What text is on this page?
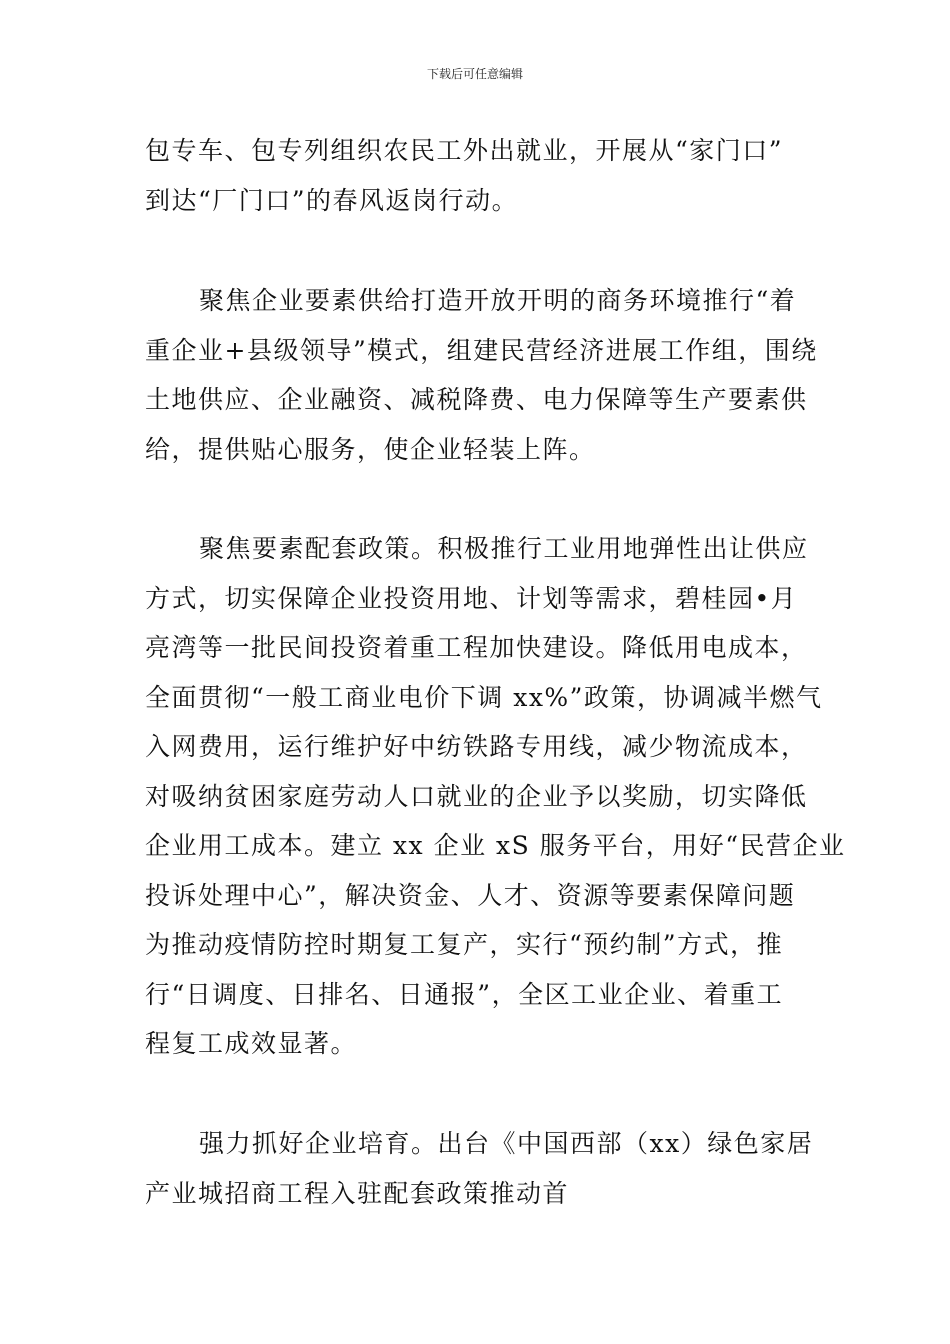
下载后可任意编辑
包专车、包专列组织农民工外出就业，开展从“家门口”
到达“厂门口”的春风返岗行动。
聚焦企业要素供给打造开放开明的商务环境推行“着
重企业+县级领导”模式，组建民营经济进展工作组，围绕
土地供应、企业融资、减税降费、电力保障等生产要素供
给，提供贴心服务，使企业轻装上阵。
聚焦要素配套政策。积极推行工业用地弹性出让供应
方式，切实保障企业投资用地、计划等需求，碧桂园•月
亮湾等一批民间投资着重工程加快建设。降低用电成本，
全面贯彻“一般工商业电价下调 xx%”政策，协调减半燃气
入网费用，运行维护好中纺铁路专用线，减少物流成本，
对吸纳贫困家庭劳动人口就业的企业予以奖励，切实降低
企业用工成本。建立 xx 企业 xS 服务平台，用好“民营企业
投诉处理中心”，解决资金、人才、资源等要素保障问题
为推动疫情防控时期复工复产，实行“预约制”方式，推
行“日调度、日排名、日通报”，全区工业企业、着重工
程复工成效显著。
强力抓好企业培育。出台《中国西部（xx）绿色家居
产业城招商工程入驻配套政策推动首
